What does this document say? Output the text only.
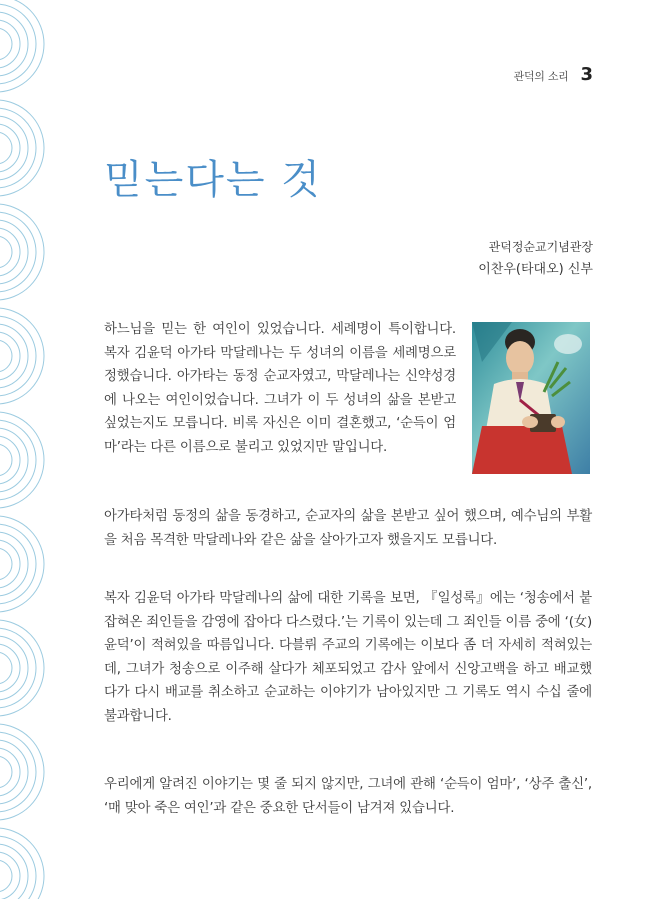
관덕의 소리 3
믿는다는 것
관덕정순교기념관장
이찬우(타대오) 신부

하느님을 믿는 한 여인이 있었습니다. 세례명이 특이합니다. 복자 김윤덕 아가타 막달레나는 두 성녀의 이름을 세례명으로 정했습니다. 아가타는 동정 순교자였고, 막달레나는 신약성경에 나오는 여인이었습니다. 그녀가 이 두 성녀의 삶을 본받고 싶었는지도 모릅니다. 비록 자신은 이미 결혼했고, ‘순득이 엄마’라는 다른 이름으로 불리고 있었지만 말입니다.

아가타처럼 동정의 삶을 동경하고, 순교자의 삶을 본받고 싶어 했으며, 예수님의 부활을 처음 목격한 막달레나와 같은 삶을 살아가고자 했을지도 모릅니다.

복자 김윤덕 아가타 막달레나의 삶에 대한 기록을 보면, 『일성록』에는 ‘청송에서 붙잡혀온 죄인들을 감영에 잡아다 다스렸다.’는 기록이 있는데 그 죄인들 이름 중에 ‘(女) 윤덕’이 적혀있을 따름입니다. 다블뤼 주교의 기록에는 이보다 좀 더 자세히 적혀있는데, 그녀가 청송으로 이주해 살다가 체포되었고 감사 앞에서 신앙고백을 하고 배교했다가 다시 배교를 취소하고 순교하는 이야기가 남아있지만 그 기록도 역시 수십 줄에 불과합니다.

우리에게 알려진 이야기는 몇 줄 되지 않지만, 그녀에 관해 ‘순득이 엄마’, ‘상주 출신’, ‘매 맞아 죽은 여인’과 같은 중요한 단서들이 남겨져 있습니다.
